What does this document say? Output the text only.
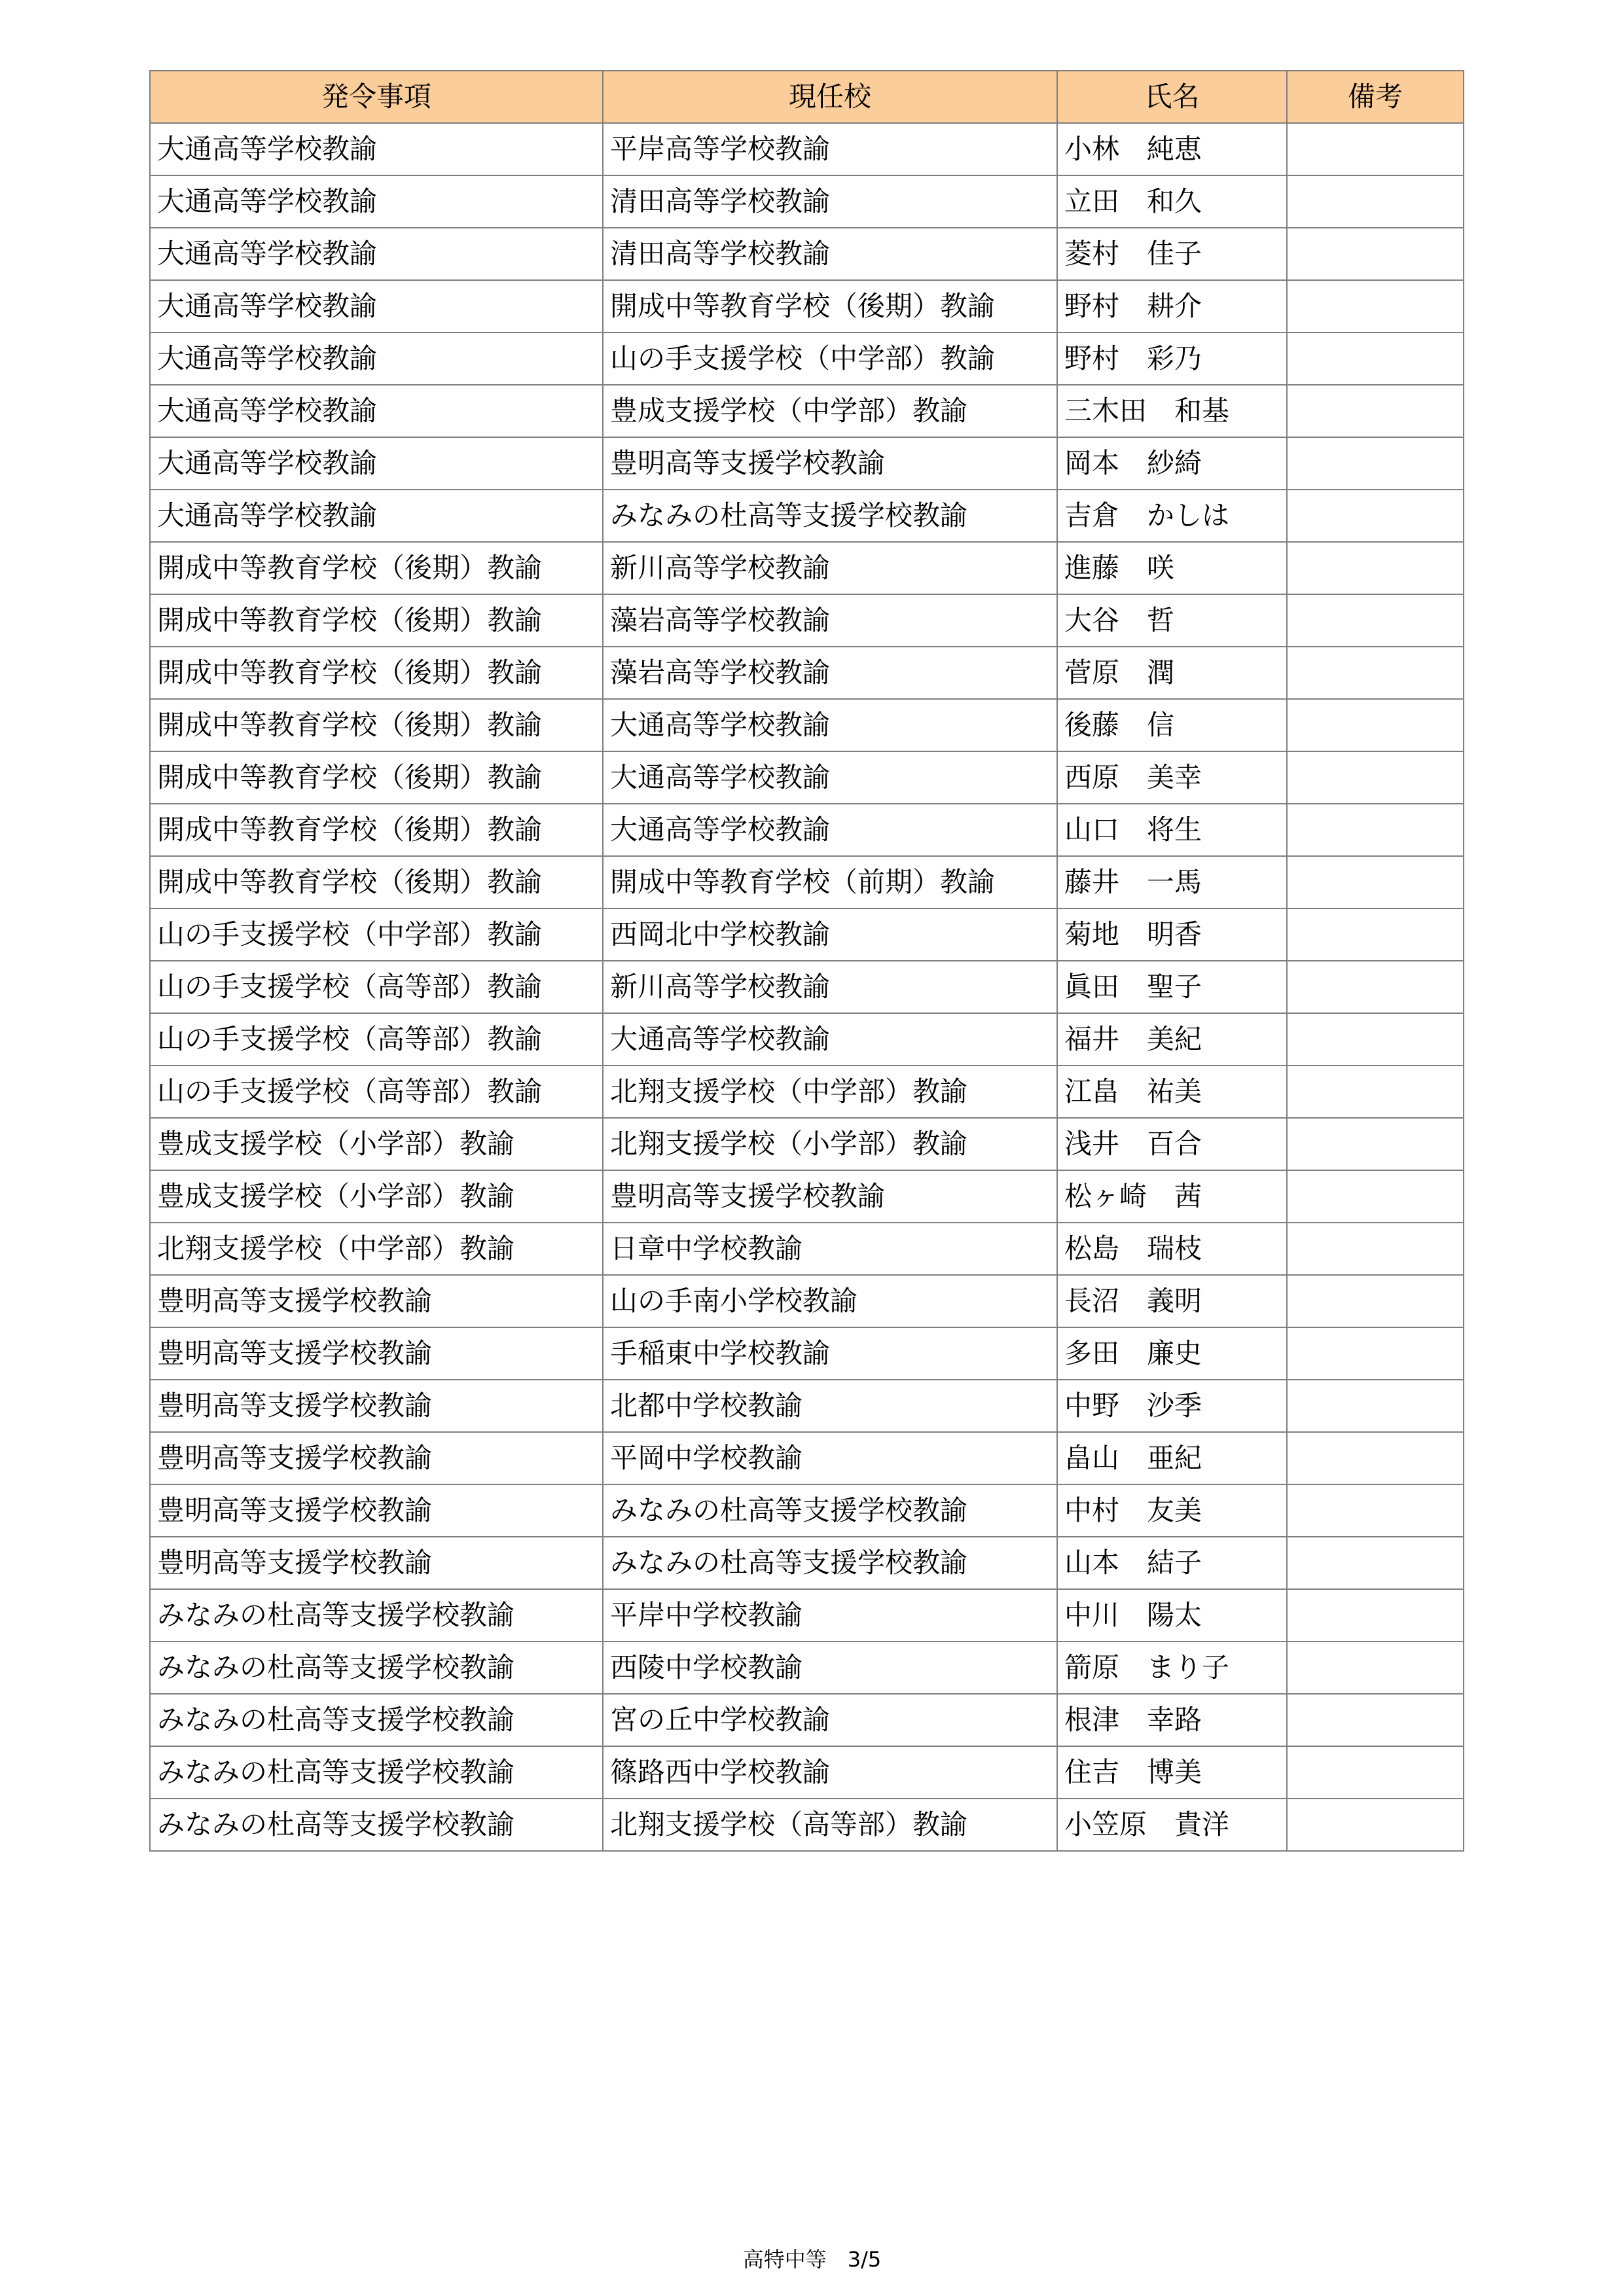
発令事項	現任校	氏名	備考
大通高等学校教諭	平岸高等学校教諭	小林　純恵	
大通高等学校教諭	清田高等学校教諭	立田　和久	
大通高等学校教諭	清田高等学校教諭	菱村　佳子	
大通高等学校教諭	開成中等教育学校（後期）教諭	野村　耕介	
大通高等学校教諭	山の手支援学校（中学部）教諭	野村　彩乃	
大通高等学校教諭	豊成支援学校（中学部）教諭	三木田　和基	
大通高等学校教諭	豊明高等支援学校教諭	岡本　紗綺	
大通高等学校教諭	みなみの杜高等支援学校教諭	吉倉　かしは	
開成中等教育学校（後期）教諭	新川高等学校教諭	進藤　咲	
開成中等教育学校（後期）教諭	藻岩高等学校教諭	大谷　哲	
開成中等教育学校（後期）教諭	藻岩高等学校教諭	菅原　潤	
開成中等教育学校（後期）教諭	大通高等学校教諭	後藤　信	
開成中等教育学校（後期）教諭	大通高等学校教諭	西原　美幸	
開成中等教育学校（後期）教諭	大通高等学校教諭	山口　将生	
開成中等教育学校（後期）教諭	開成中等教育学校（前期）教諭	藤井　一馬	
山の手支援学校（中学部）教諭	西岡北中学校教諭	菊地　明香	
山の手支援学校（高等部）教諭	新川高等学校教諭	眞田　聖子	
山の手支援学校（高等部）教諭	大通高等学校教諭	福井　美紀	
山の手支援学校（高等部）教諭	北翔支援学校（中学部）教諭	江畠　祐美	
豊成支援学校（小学部）教諭	北翔支援学校（小学部）教諭	浅井　百合	
豊成支援学校（小学部）教諭	豊明高等支援学校教諭	松ヶ崎　茜	
北翔支援学校（中学部）教諭	日章中学校教諭	松島　瑞枝	
豊明高等支援学校教諭	山の手南小学校教諭	長沼　義明	
豊明高等支援学校教諭	手稲東中学校教諭	多田　廉史	
豊明高等支援学校教諭	北都中学校教諭	中野　沙季	
豊明高等支援学校教諭	平岡中学校教諭	畠山　亜紀	
豊明高等支援学校教諭	みなみの杜高等支援学校教諭	中村　友美	
豊明高等支援学校教諭	みなみの杜高等支援学校教諭	山本　結子	
みなみの杜高等支援学校教諭	平岸中学校教諭	中川　陽太	
みなみの杜高等支援学校教諭	西陵中学校教諭	箭原　まり子	
みなみの杜高等支援学校教諭	宮の丘中学校教諭	根津　幸路	
みなみの杜高等支援学校教諭	篠路西中学校教諭	住吉　博美	
みなみの杜高等支援学校教諭	北翔支援学校（高等部）教諭	小笠原　貴洋	
高特中等　3/5
